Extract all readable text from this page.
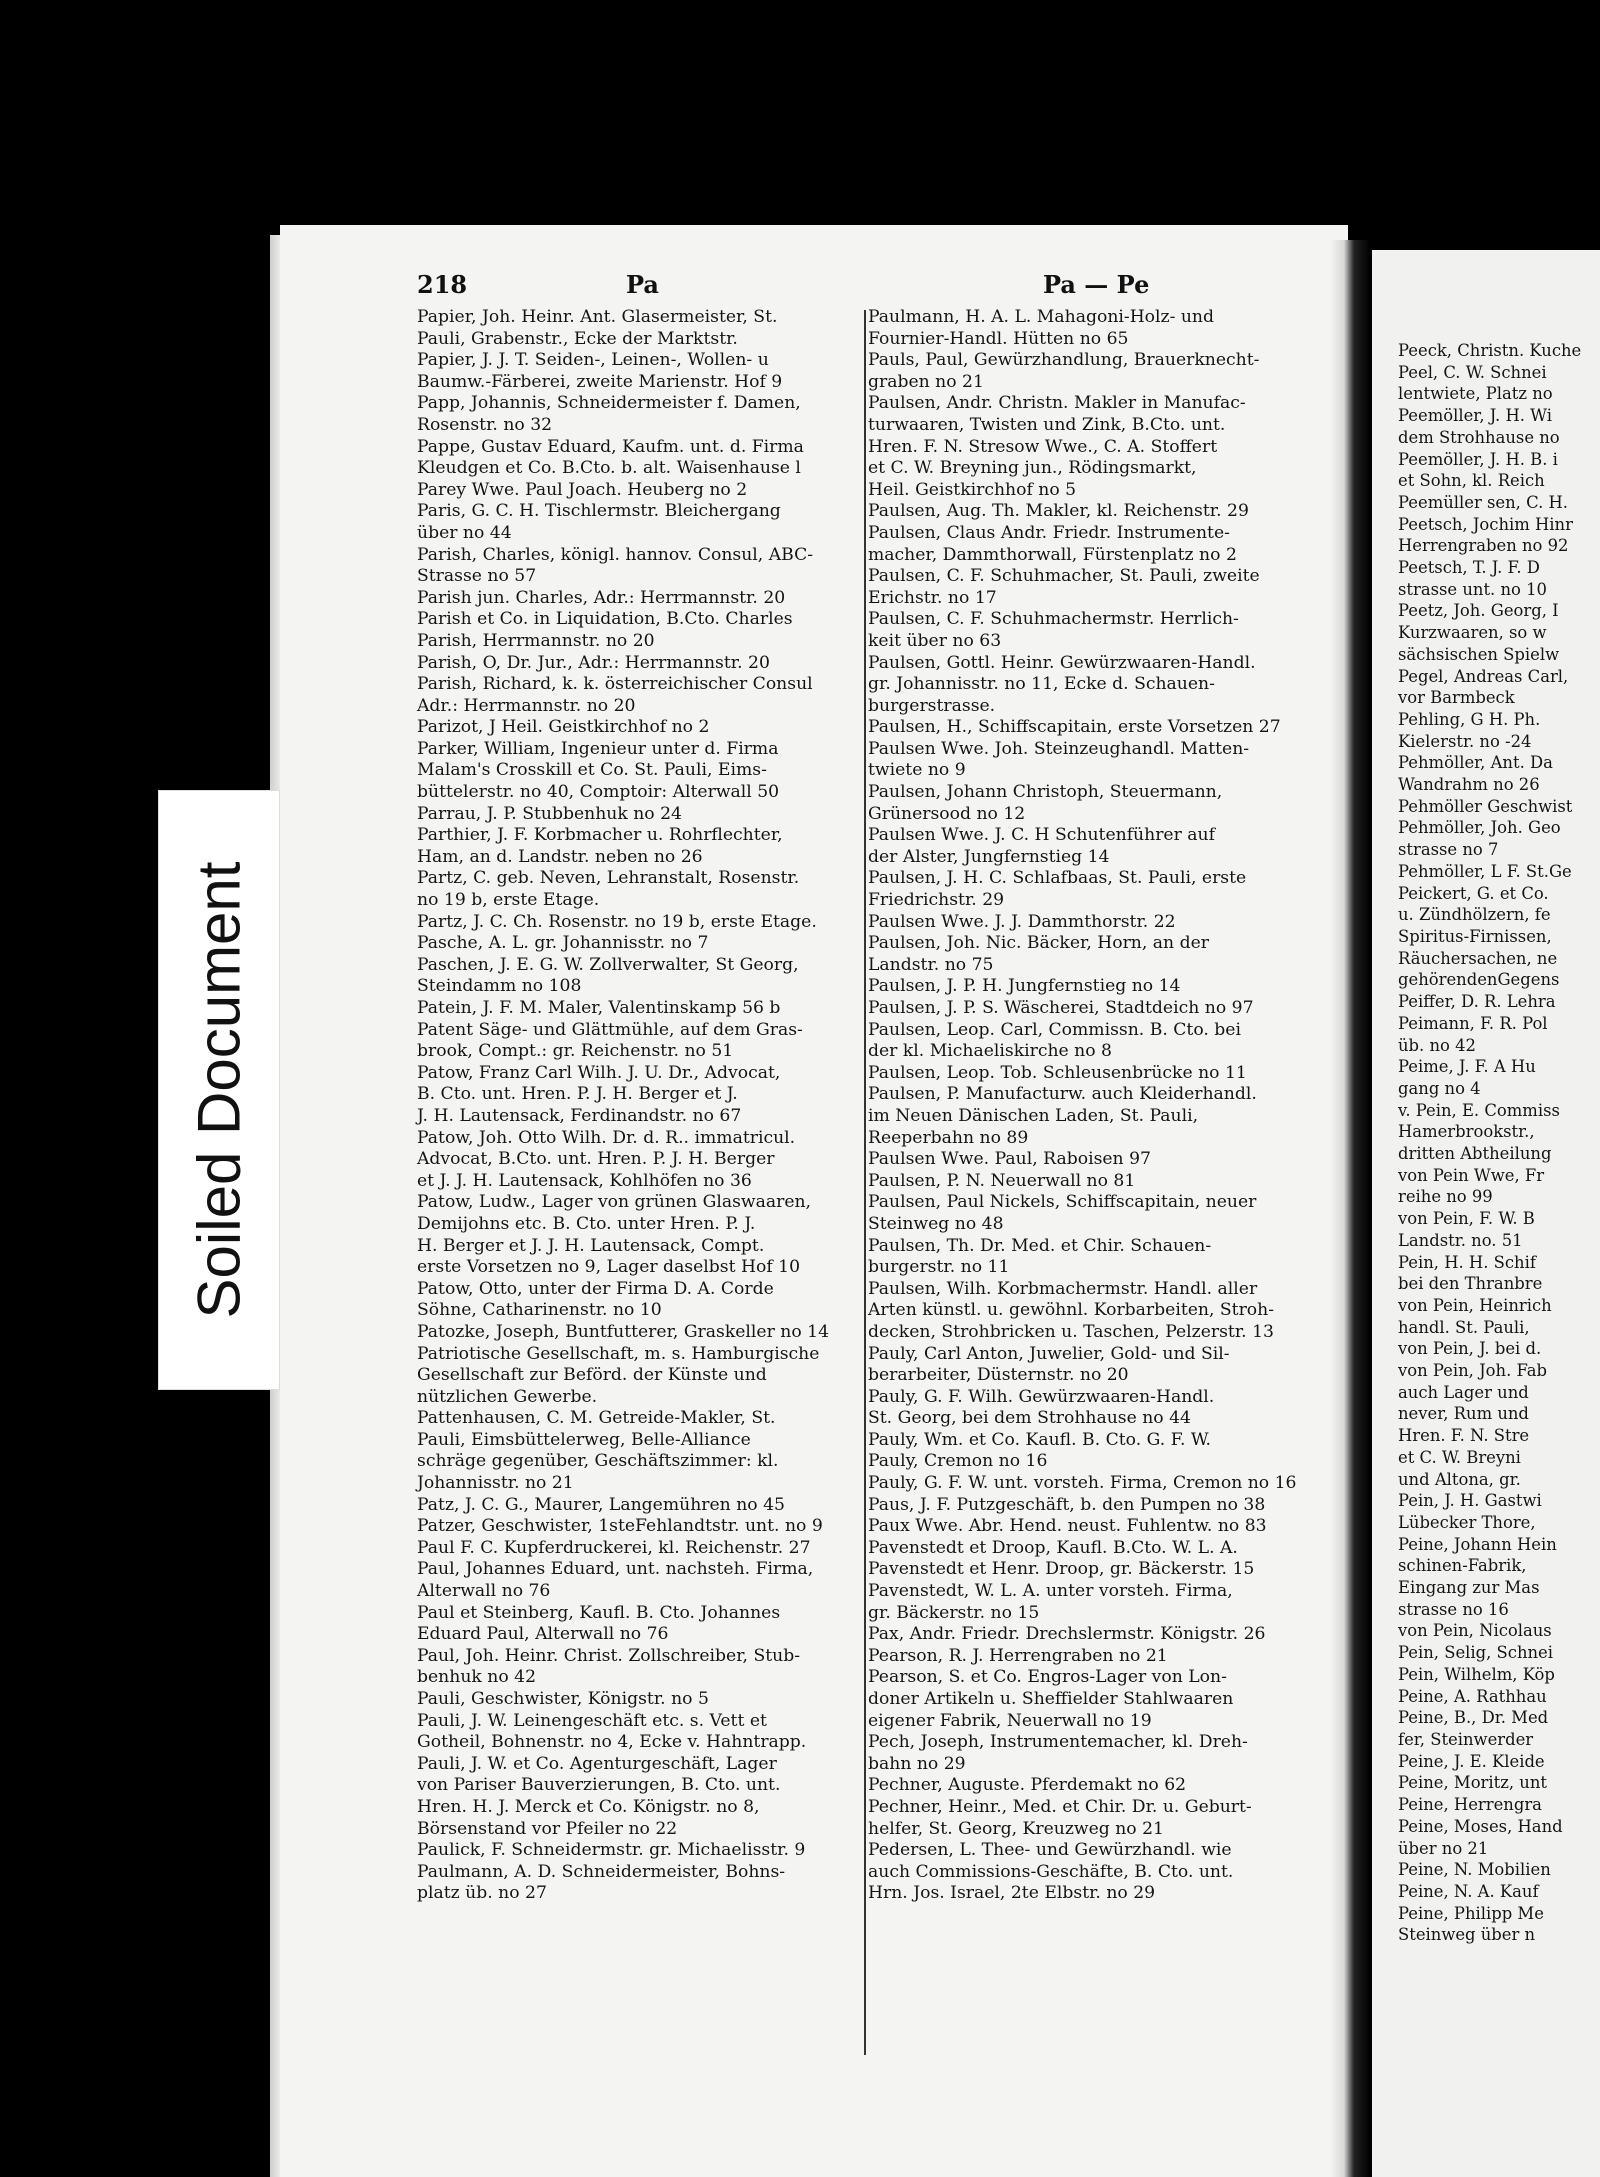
Soiled Document
218	Pa	Pa — Pe
Papier, Joh. Heinr. Ant. Glasermeister, St.
Pauli, Grabenstr., Ecke der Marktstr.
Papier, J. J. T. Seiden-, Leinen-, Wollen- u
Baumw.-Färberei, zweite Marienstr. Hof 9
Papp, Johannis, Schneidermeister f. Damen,
Rosenstr. no 32
Pappe, Gustav Eduard, Kaufm. unt. d. Firma
Kleudgen et Co. B.Cto. b. alt. Waisenhause l
Parey Wwe. Paul Joach. Heuberg no 2
Paris, G. C. H. Tischlermstr. Bleichergang
über no 44
Parish, Charles, königl. hannov. Consul, ABC-
Strasse no 57
Parish jun. Charles, Adr.: Herrmannstr. 20
Parish et Co. in Liquidation, B.Cto. Charles
Parish, Herrmannstr. no 20
Parish, O, Dr. Jur., Adr.: Herrmannstr. 20
Parish, Richard, k. k. österreichischer Consul
Adr.: Herrmannstr. no 20
Parizot, J Heil. Geistkirchhof no 2
Parker, William, Ingenieur unter d. Firma
Malam's Crosskill et Co. St. Pauli, Eims-
büttelerstr. no 40, Comptoir: Alterwall 50
Parrau, J. P. Stubbenhuk no 24
Parthier, J. F. Korbmacher u. Rohrflechter,
Ham, an d. Landstr. neben no 26
Partz, C. geb. Neven, Lehranstalt, Rosenstr.
no 19 b, erste Etage.
Partz, J. C. Ch. Rosenstr. no 19 b, erste Etage.
Pasche, A. L. gr. Johannisstr. no 7
Paschen, J. E. G. W. Zollverwalter, St Georg,
Steindamm no 108
Patein, J. F. M. Maler, Valentinskamp 56 b
Patent Säge- und Glättmühle, auf dem Gras-
brook, Compt.: gr. Reichenstr. no 51
Patow, Franz Carl Wilh. J. U. Dr., Advocat,
B. Cto. unt. Hren. P. J. H. Berger et J.
J. H. Lautensack, Ferdinandstr. no 67
Patow, Joh. Otto Wilh. Dr. d. R.. immatricul.
Advocat, B.Cto. unt. Hren. P. J. H. Berger
et J. J. H. Lautensack, Kohlhöfen no 36
Patow, Ludw., Lager von grünen Glaswaaren,
Demijohns etc. B. Cto. unter Hren. P. J.
H. Berger et J. J. H. Lautensack, Compt.
erste Vorsetzen no 9, Lager daselbst Hof 10
Patow, Otto, unter der Firma D. A. Corde
Söhne, Catharinenstr. no 10
Patozke, Joseph, Buntfutterer, Graskeller no 14
Patriotische Gesellschaft, m. s. Hamburgische
Gesellschaft zur Beförd. der Künste und
nützlichen Gewerbe.
Pattenhausen, C. M. Getreide-Makler, St.
Pauli, Eimsbüttelerweg, Belle-Alliance
schräge gegenüber, Geschäftszimmer: kl.
Johannisstr. no 21
Patz, J. C. G., Maurer, Langemühren no 45
Patzer, Geschwister, 1steFehlandtstr. unt. no 9
Paul F. C. Kupferdruckerei, kl. Reichenstr. 27
Paul, Johannes Eduard, unt. nachsteh. Firma,
Alterwall no 76
Paul et Steinberg, Kaufl. B. Cto. Johannes
Eduard Paul, Alterwall no 76
Paul, Joh. Heinr. Christ. Zollschreiber, Stub-
benhuk no 42
Pauli, Geschwister, Königstr. no 5
Pauli, J. W. Leinengeschäft etc. s. Vett et
Gotheil, Bohnenstr. no 4, Ecke v. Hahntrapp.
Pauli, J. W. et Co. Agenturgeschäft, Lager
von Pariser Bauverzierungen, B. Cto. unt.
Hren. H. J. Merck et Co. Königstr. no 8,
Börsenstand vor Pfeiler no 22
Paulick, F. Schneidermstr. gr. Michaelisstr. 9
Paulmann, A. D. Schneidermeister, Bohns-
platz üb. no 27
Paulmann, H. A. L. Mahagoni-Holz- und
Fournier-Handl. Hütten no 65
Pauls, Paul, Gewürzhandlung, Brauerknecht-
graben no 21
Paulsen, Andr. Christn. Makler in Manufac-
turwaaren, Twisten und Zink, B.Cto. unt.
Hren. F. N. Stresow Wwe., C. A. Stoffert
et C. W. Breyning jun., Rödingsmarkt,
Heil. Geistkirchhof no 5
Paulsen, Aug. Th. Makler, kl. Reichenstr. 29
Paulsen, Claus Andr. Friedr. Instrumente-
macher, Dammthorwall, Fürstenplatz no 2
Paulsen, C. F. Schuhmacher, St. Pauli, zweite
Erichstr. no 17
Paulsen, C. F. Schuhmachermstr. Herrlich-
keit über no 63
Paulsen, Gottl. Heinr. Gewürzwaaren-Handl.
gr. Johannisstr. no 11, Ecke d. Schauen-
burgerstrasse.
Paulsen, H., Schiffscapitain, erste Vorsetzen 27
Paulsen Wwe. Joh. Steinzeughandl. Matten-
twiete no 9
Paulsen, Johann Christoph, Steuermann,
Grünersood no 12
Paulsen Wwe. J. C. H Schutenführer auf
der Alster, Jungfernstieg 14
Paulsen, J. H. C. Schlafbaas, St. Pauli, erste
Friedrichstr. 29
Paulsen Wwe. J. J. Dammthorstr. 22
Paulsen, Joh. Nic. Bäcker, Horn, an der
Landstr. no 75
Paulsen, J. P. H. Jungfernstieg no 14
Paulsen, J. P. S. Wäscherei, Stadtdeich no 97
Paulsen, Leop. Carl, Commissn. B. Cto. bei
der kl. Michaeliskirche no 8
Paulsen, Leop. Tob. Schleusenbrücke no 11
Paulsen, P. Manufacturw. auch Kleiderhandl.
im Neuen Dänischen Laden, St. Pauli,
Reeperbahn no 89
Paulsen Wwe. Paul, Raboisen 97
Paulsen, P. N. Neuerwall no 81
Paulsen, Paul Nickels, Schiffscapitain, neuer
Steinweg no 48
Paulsen, Th. Dr. Med. et Chir. Schauen-
burgerstr. no 11
Paulsen, Wilh. Korbmachermstr. Handl. aller
Arten künstl. u. gewöhnl. Korbarbeiten, Stroh-
decken, Strohbricken u. Taschen, Pelzerstr. 13
Pauly, Carl Anton, Juwelier, Gold- und Sil-
berarbeiter, Düsternstr. no 20
Pauly, G. F. Wilh. Gewürzwaaren-Handl.
St. Georg, bei dem Strohhause no 44
Pauly, Wm. et Co. Kaufl. B. Cto. G. F. W.
Pauly, Cremon no 16
Pauly, G. F. W. unt. vorsteh. Firma, Cremon no 16
Paus, J. F. Putzgeschäft, b. den Pumpen no 38
Paux Wwe. Abr. Hend. neust. Fuhlentw. no 83
Pavenstedt et Droop, Kaufl. B.Cto. W. L. A.
Pavenstedt et Henr. Droop, gr. Bäckerstr. 15
Pavenstedt, W. L. A. unter vorsteh. Firma,
gr. Bäckerstr. no 15
Pax, Andr. Friedr. Drechslermstr. Königstr. 26
Pearson, R. J. Herrengraben no 21
Pearson, S. et Co. Engros-Lager von Lon-
doner Artikeln u. Sheffielder Stahlwaaren
eigener Fabrik, Neuerwall no 19
Pech, Joseph, Instrumentemacher, kl. Dreh-
bahn no 29
Pechner, Auguste. Pferdemakt no 62
Pechner, Heinr., Med. et Chir. Dr. u. Geburt-
helfer, St. Georg, Kreuzweg no 21
Pedersen, L. Thee- und Gewürzhandl. wie
auch Commissions-Geschäfte, B. Cto. unt.
Hrn. Jos. Israel, 2te Elbstr. no 29
Peeck, Christn. Kuche
Peel, C. W. Schnei
lentwiete, Platz no
Peemöller, J. H. Wi
dem Strohhause no
Peemöller, J. H. B. i
et Sohn, kl. Reich
Peemüller sen, C. H.
Peetsch, Jochim Hinr
Herrengraben no 92
Peetsch, T. J. F. D
strasse unt. no 10
Peetz, Joh. Georg, I
Kurzwaaren, so w
sächsischen Spielw
Pegel, Andreas Carl,
vor Barmbeck
Pehling, G H. Ph.
Kielerstr. no -24
Pehmöller, Ant. Da
Wandrahm no 26
Pehmöller Geschwist
Pehmöller, Joh. Geo
strasse no 7
Pehmöller, L F. St.Ge
Peickert, G. et Co.
u. Zündhölzern, fe
Spiritus-Firnissen,
Räuchersachen, ne
gehörendenGegens
Peiffer, D. R. Lehra
Peimann, F. R. Pol
üb. no 42
Peime, J. F. A Hu
gang no 4
v. Pein, E. Commiss
Hamerbrookstr.,
dritten Abtheilung
von Pein Wwe, Fr
reihe no 99
von Pein, F. W. B
Landstr. no. 51
Pein, H. H. Schif
bei den Thranbre
von Pein, Heinrich
handl. St. Pauli,
von Pein, J. bei d.
von Pein, Joh. Fab
auch Lager und
never, Rum und
Hren. F. N. Stre
et C. W. Breyni
und Altona, gr.
Pein, J. H. Gastwi
Lübecker Thore,
Peine, Johann Hein
schinen-Fabrik,
Eingang zur Mas
strasse no 16
von Pein, Nicolaus
Pein, Selig, Schnei
Pein, Wilhelm, Köp
Peine, A. Rathhau
Peine, B., Dr. Med
fer, Steinwerder
Peine, J. E. Kleide
Peine, Moritz, unt
Peine, Herrengra
Peine, Moses, Hand
über no 21
Peine, N. Mobilien
Peine, N. A. Kauf
Peine, Philipp Me
Steinweg über n
